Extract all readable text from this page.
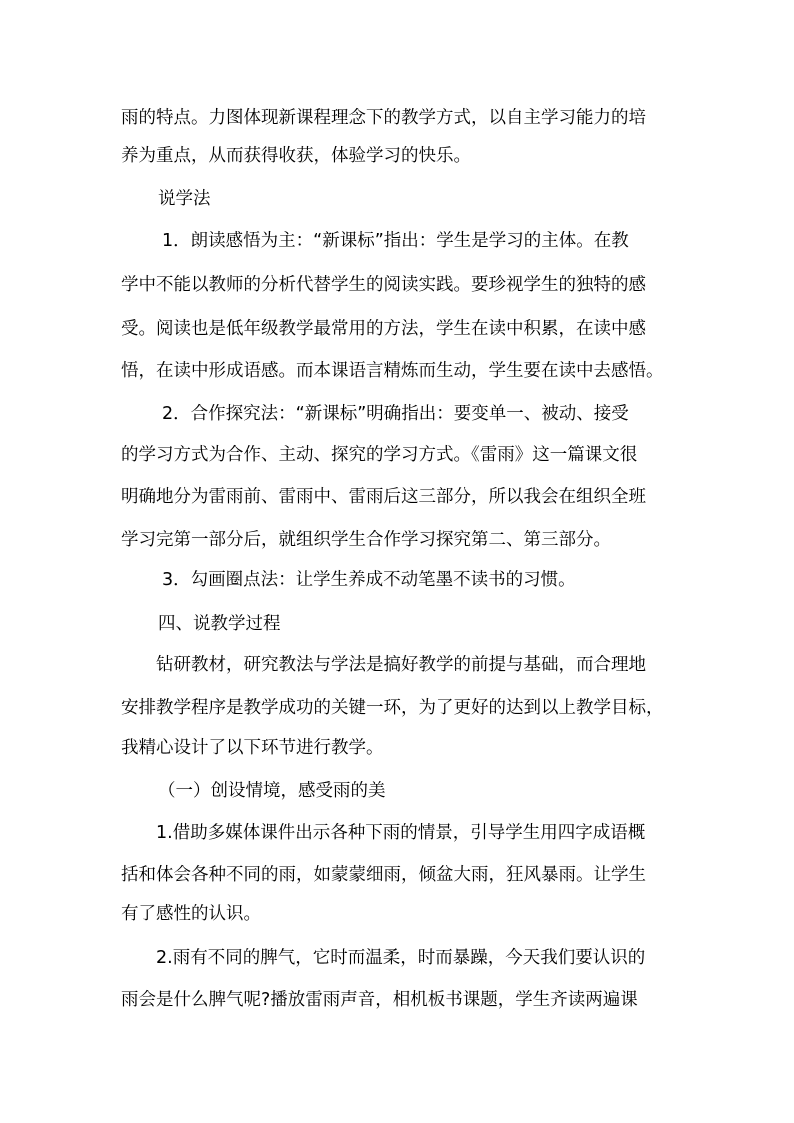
雨的特点。力图体现新课程理念下的教学方式，以自主学习能力的培
养为重点，从而获得收获，体验学习的快乐。
说学法
1．朗读感悟为主：“新课标”指出：学生是学习的主体。在教
学中不能以教师的分析代替学生的阅读实践。要珍视学生的独特的感
受。阅读也是低年级教学最常用的方法，学生在读中积累，在读中感
悟，在读中形成语感。而本课语言精炼而生动，学生要在读中去感悟。
2．合作探究法：“新课标”明确指出：要变单一、被动、接受
的学习方式为合作、主动、探究的学习方式。《雷雨》这一篇课文很
明确地分为雷雨前、雷雨中、雷雨后这三部分，所以我会在组织全班
学习完第一部分后，就组织学生合作学习探究第二、第三部分。
3．勾画圈点法：让学生养成不动笔墨不读书的习惯。
四、说教学过程
钻研教材，研究教法与学法是搞好教学的前提与基础，而合理地
安排教学程序是教学成功的关键一环，为了更好的达到以上教学目标，
我精心设计了以下环节进行教学。
（一）创设情境，感受雨的美
1.借助多媒体课件出示各种下雨的情景，引导学生用四字成语概
括和体会各种不同的雨，如蒙蒙细雨，倾盆大雨，狂风暴雨。让学生
有了感性的认识。
2.雨有不同的脾气，它时而温柔，时而暴躁，今天我们要认识的
雨会是什么脾气呢?播放雷雨声音，相机板书课题，学生齐读两遍课
